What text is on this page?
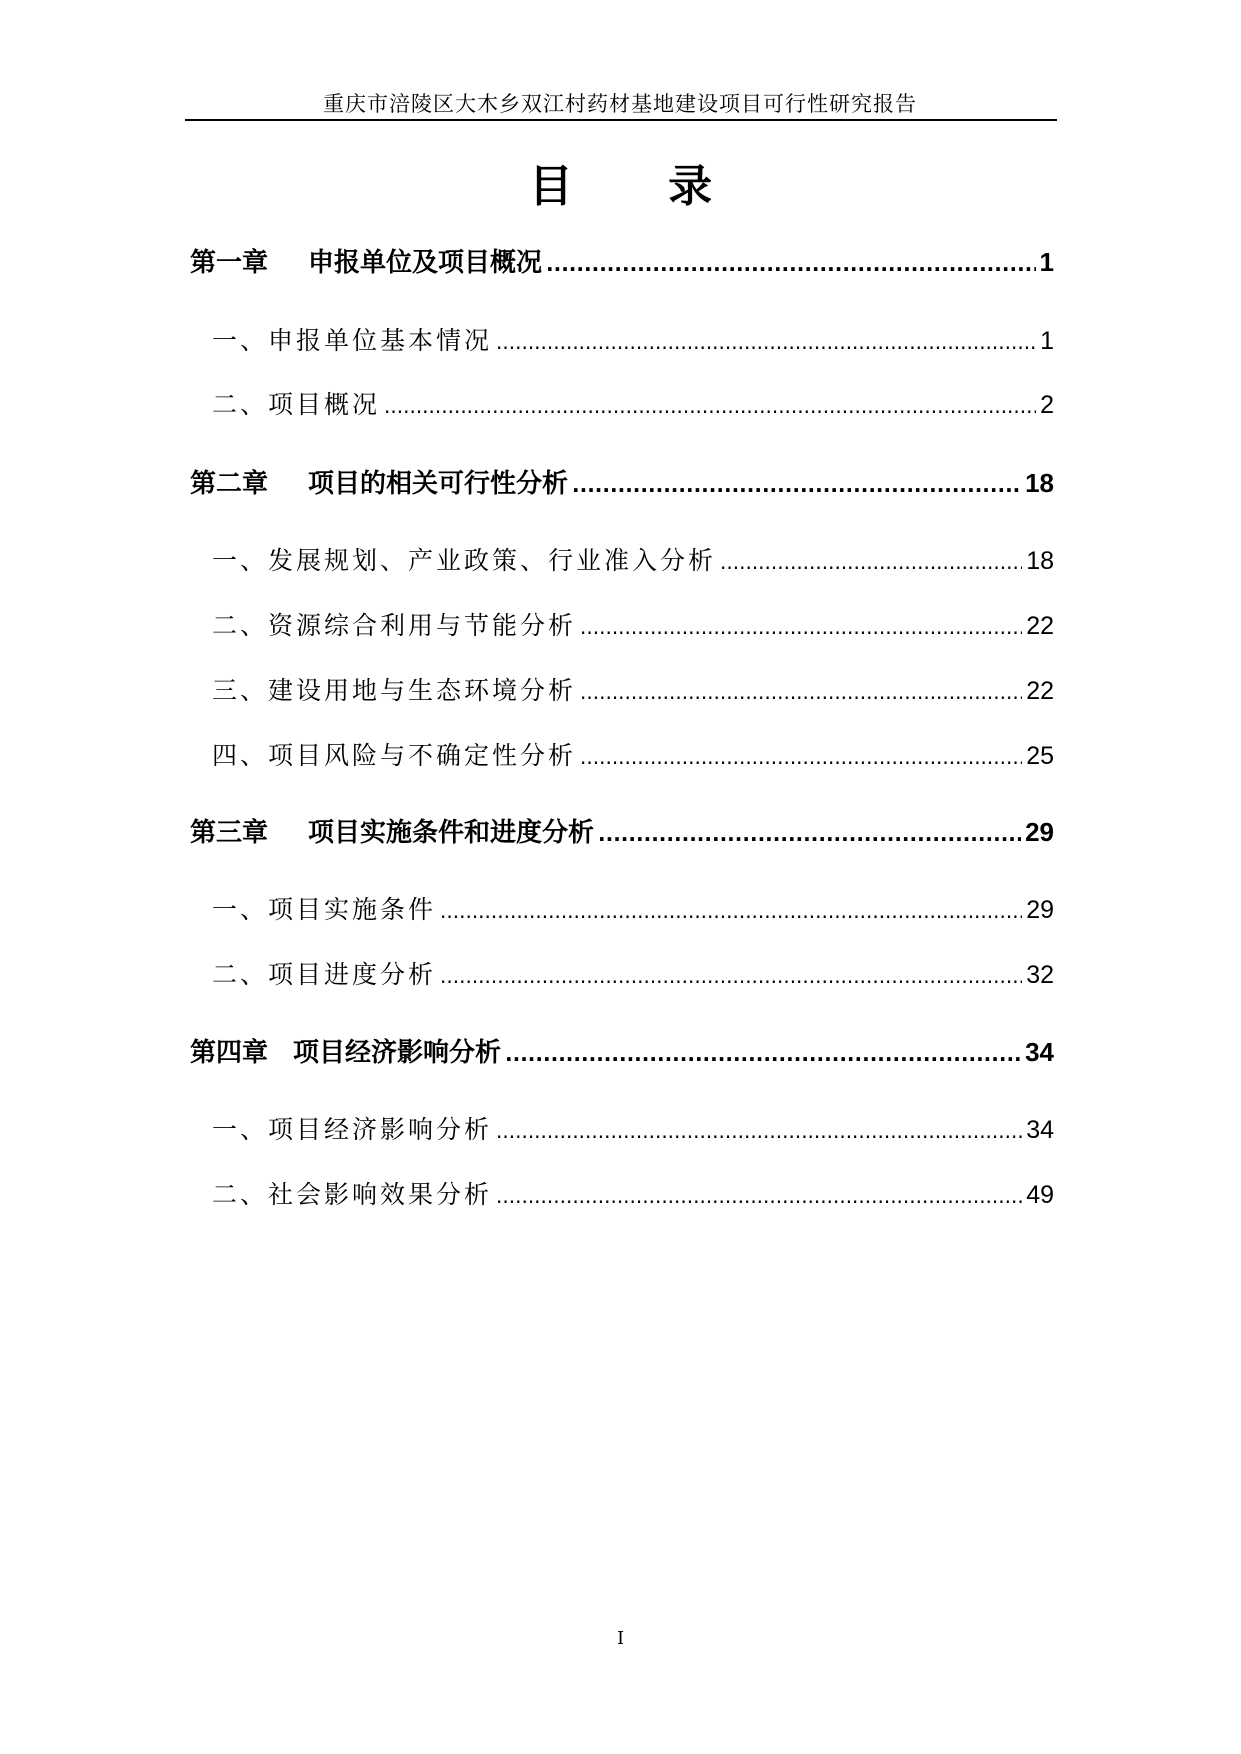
重庆市涪陵区大木乡双江村药材基地建设项目可行性研究报告
目 录
第一章 申报单位及项目概况 .....	1
一、申报单位基本情况 .....	1
二、项目概况 .....	2
第二章 项目的相关可行性分析 .....	18
一、发展规划、产业政策、行业准入分析 .....	18
二、资源综合利用与节能分析 .....	22
三、建设用地与生态环境分析 .....	22
四、项目风险与不确定性分析 .....	25
第三章 项目实施条件和进度分析 .....	29
一、项目实施条件 .....	29
二、项目进度分析 .....	32
第四章 项目经济影响分析 .....	34
一、项目经济影响分析 .....	34
二、社会影响效果分析 .....	49
I
